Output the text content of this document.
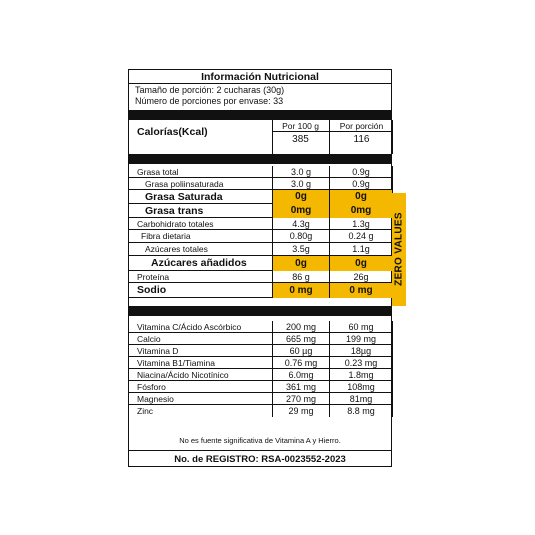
Información Nutricional
Tamaño de porción: 2 cucharas (30g)
Número de porciones por envase: 33
Calorías(Kcal)	Por 100 g	Por porción
385	116
Grasa total	3.0 g	0.9g
Grasa poliinsaturada	3.0 g	0.9g
Grasa Saturada	0g	0g
Grasa trans	0mg	0mg
Carbohidrato totales	4.3g	1.3g
Fibra dietaria	0.80g	0.24 g
Azúcares totales	3.5g	1.1g
Azúcares añadidos	0g	0g
Proteína	86 g	26g
Sodio	0 mg	0 mg
Vitamina C/Ácido Ascórbico	200 mg	60 mg
Calcio	665 mg	199 mg
Vitamina D	60 µg	18µg
Vitamina B1/Tiamina	0.76 mg	0.23 mg
Niacina/Ácido Nicotínico	6.0mg	1.8mg
Fósforo	361 mg	108mg
Magnesio	270 mg	81mg
Zinc	29 mg	8.8 mg
No es fuente significativa de Vitamina A y Hierro.
No. de REGISTRO: RSA-0023552-2023
ZERO VALUES
